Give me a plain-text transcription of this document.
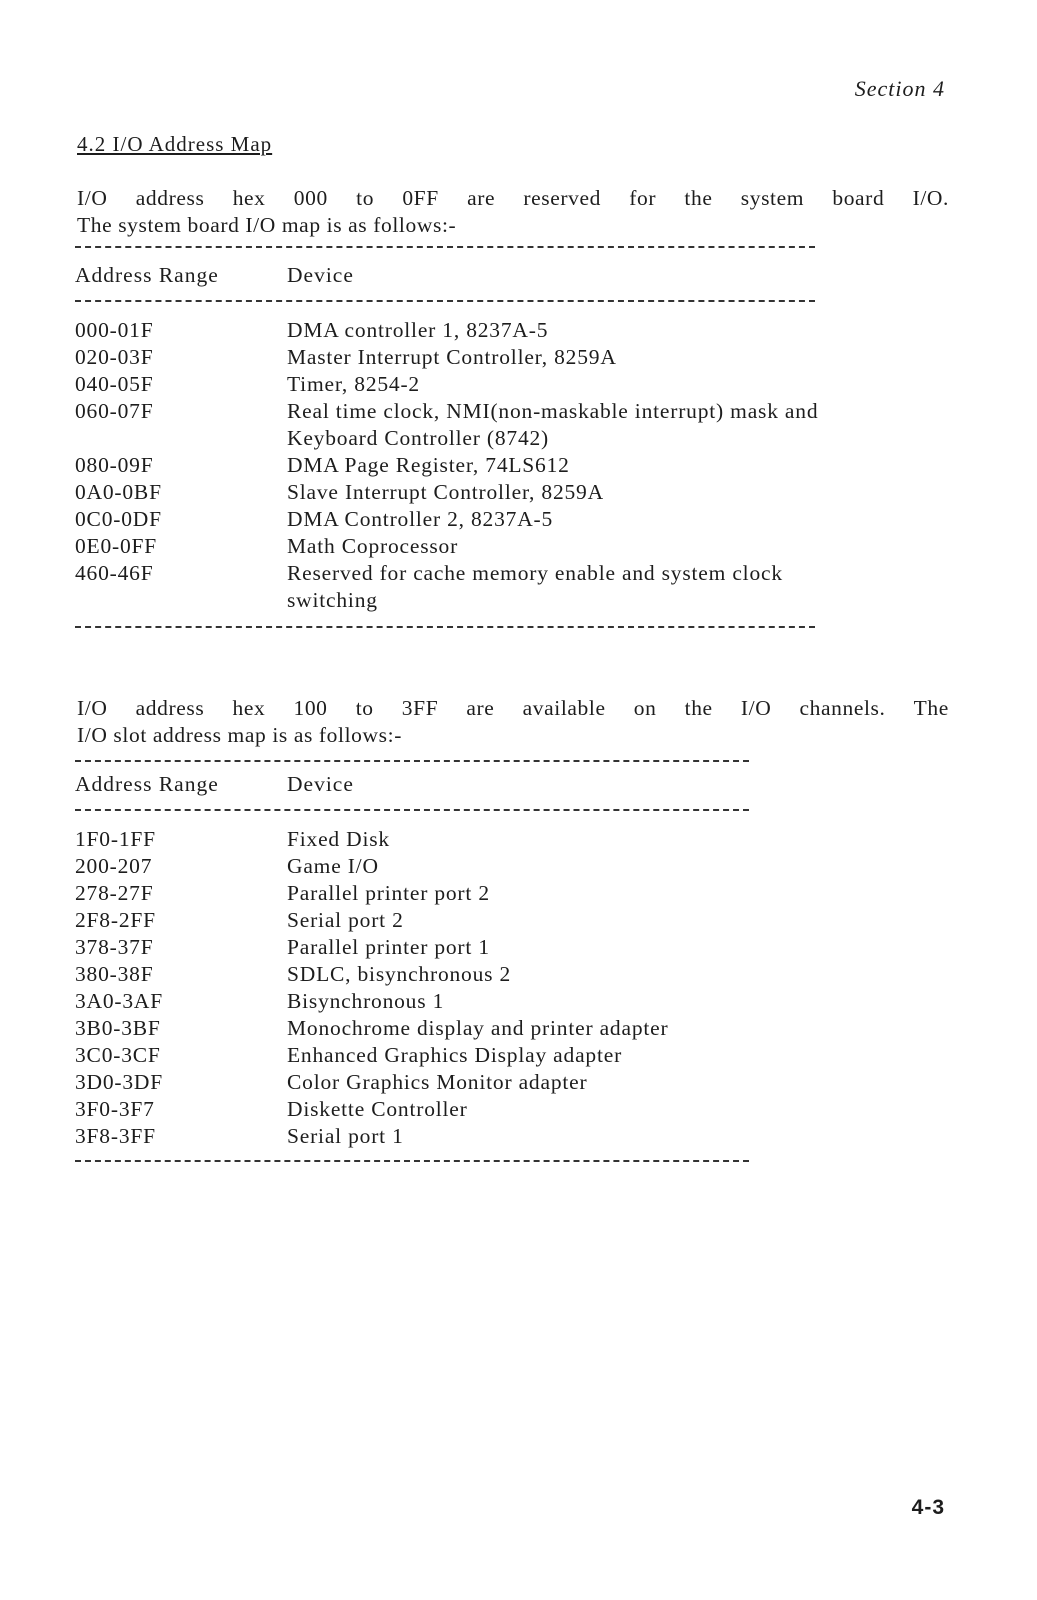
Section 4
4.2 I/O Address Map
I/O address hex 000 to 0FF are reserved for the system board I/O.
The system board I/O map is as follows:-
Address Range	Device
000-01F	DMA controller 1, 8237A-5
020-03F	Master Interrupt Controller, 8259A
040-05F	Timer, 8254-2
060-07F	Real time clock, NMI(non-maskable interrupt) mask and Keyboard Controller (8742)
080-09F	DMA Page Register, 74LS612
0A0-0BF	Slave Interrupt Controller, 8259A
0C0-0DF	DMA Controller 2, 8237A-5
0E0-0FF	Math Coprocessor
460-46F	Reserved for cache memory enable and system clock switching
I/O address hex 100 to 3FF are available on the I/O channels. The
I/O slot address map is as follows:-
Address Range	Device
1F0-1FF	Fixed Disk
200-207	Game I/O
278-27F	Parallel printer port 2
2F8-2FF	Serial port 2
378-37F	Parallel printer port 1
380-38F	SDLC, bisynchronous 2
3A0-3AF	Bisynchronous 1
3B0-3BF	Monochrome display and printer adapter
3C0-3CF	Enhanced Graphics Display adapter
3D0-3DF	Color Graphics Monitor adapter
3F0-3F7	Diskette Controller
3F8-3FF	Serial port 1
4-3
